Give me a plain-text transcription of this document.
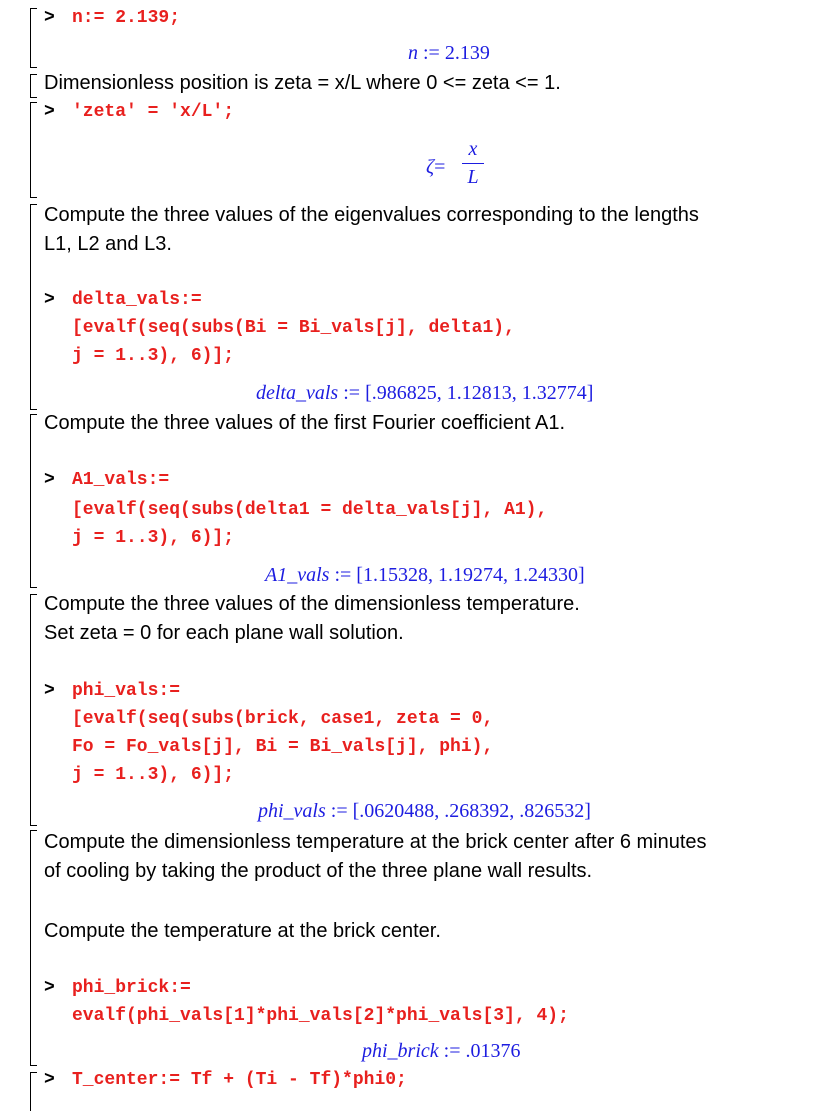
> n:= 2.139;
n := 2.139
Dimensionless position is zeta = x/L where 0 <= zeta <= 1.
> 'zeta' = 'x/L';
ζ=
x
L
Compute the three values of the eigenvalues corresponding to the lengths
L1, L2 and L3.
> delta_vals:=
[evalf(seq(subs(Bi = Bi_vals[j], delta1),
j = 1..3), 6)];
delta_vals := [.986825, 1.12813, 1.32774]
Compute the three values of the first Fourier coefficient A1.
> A1_vals:=
[evalf(seq(subs(delta1 = delta_vals[j], A1),
j = 1..3), 6)];
A1_vals := [1.15328, 1.19274, 1.24330]
Compute the three values of the dimensionless temperature.
Set zeta = 0 for each plane wall solution.
> phi_vals:=
[evalf(seq(subs(brick, case1, zeta = 0,
Fo = Fo_vals[j], Bi = Bi_vals[j], phi),
j = 1..3), 6)];
phi_vals := [.0620488, .268392, .826532]
Compute the dimensionless temperature at the brick center after 6 minutes
of cooling by taking the product of the three plane wall results.
Compute the temperature at the brick center.
> phi_brick:=
evalf(phi_vals[1]*phi_vals[2]*phi_vals[3], 4);
phi_brick := .01376
> T_center:= Tf + (Ti - Tf)*phi0;
